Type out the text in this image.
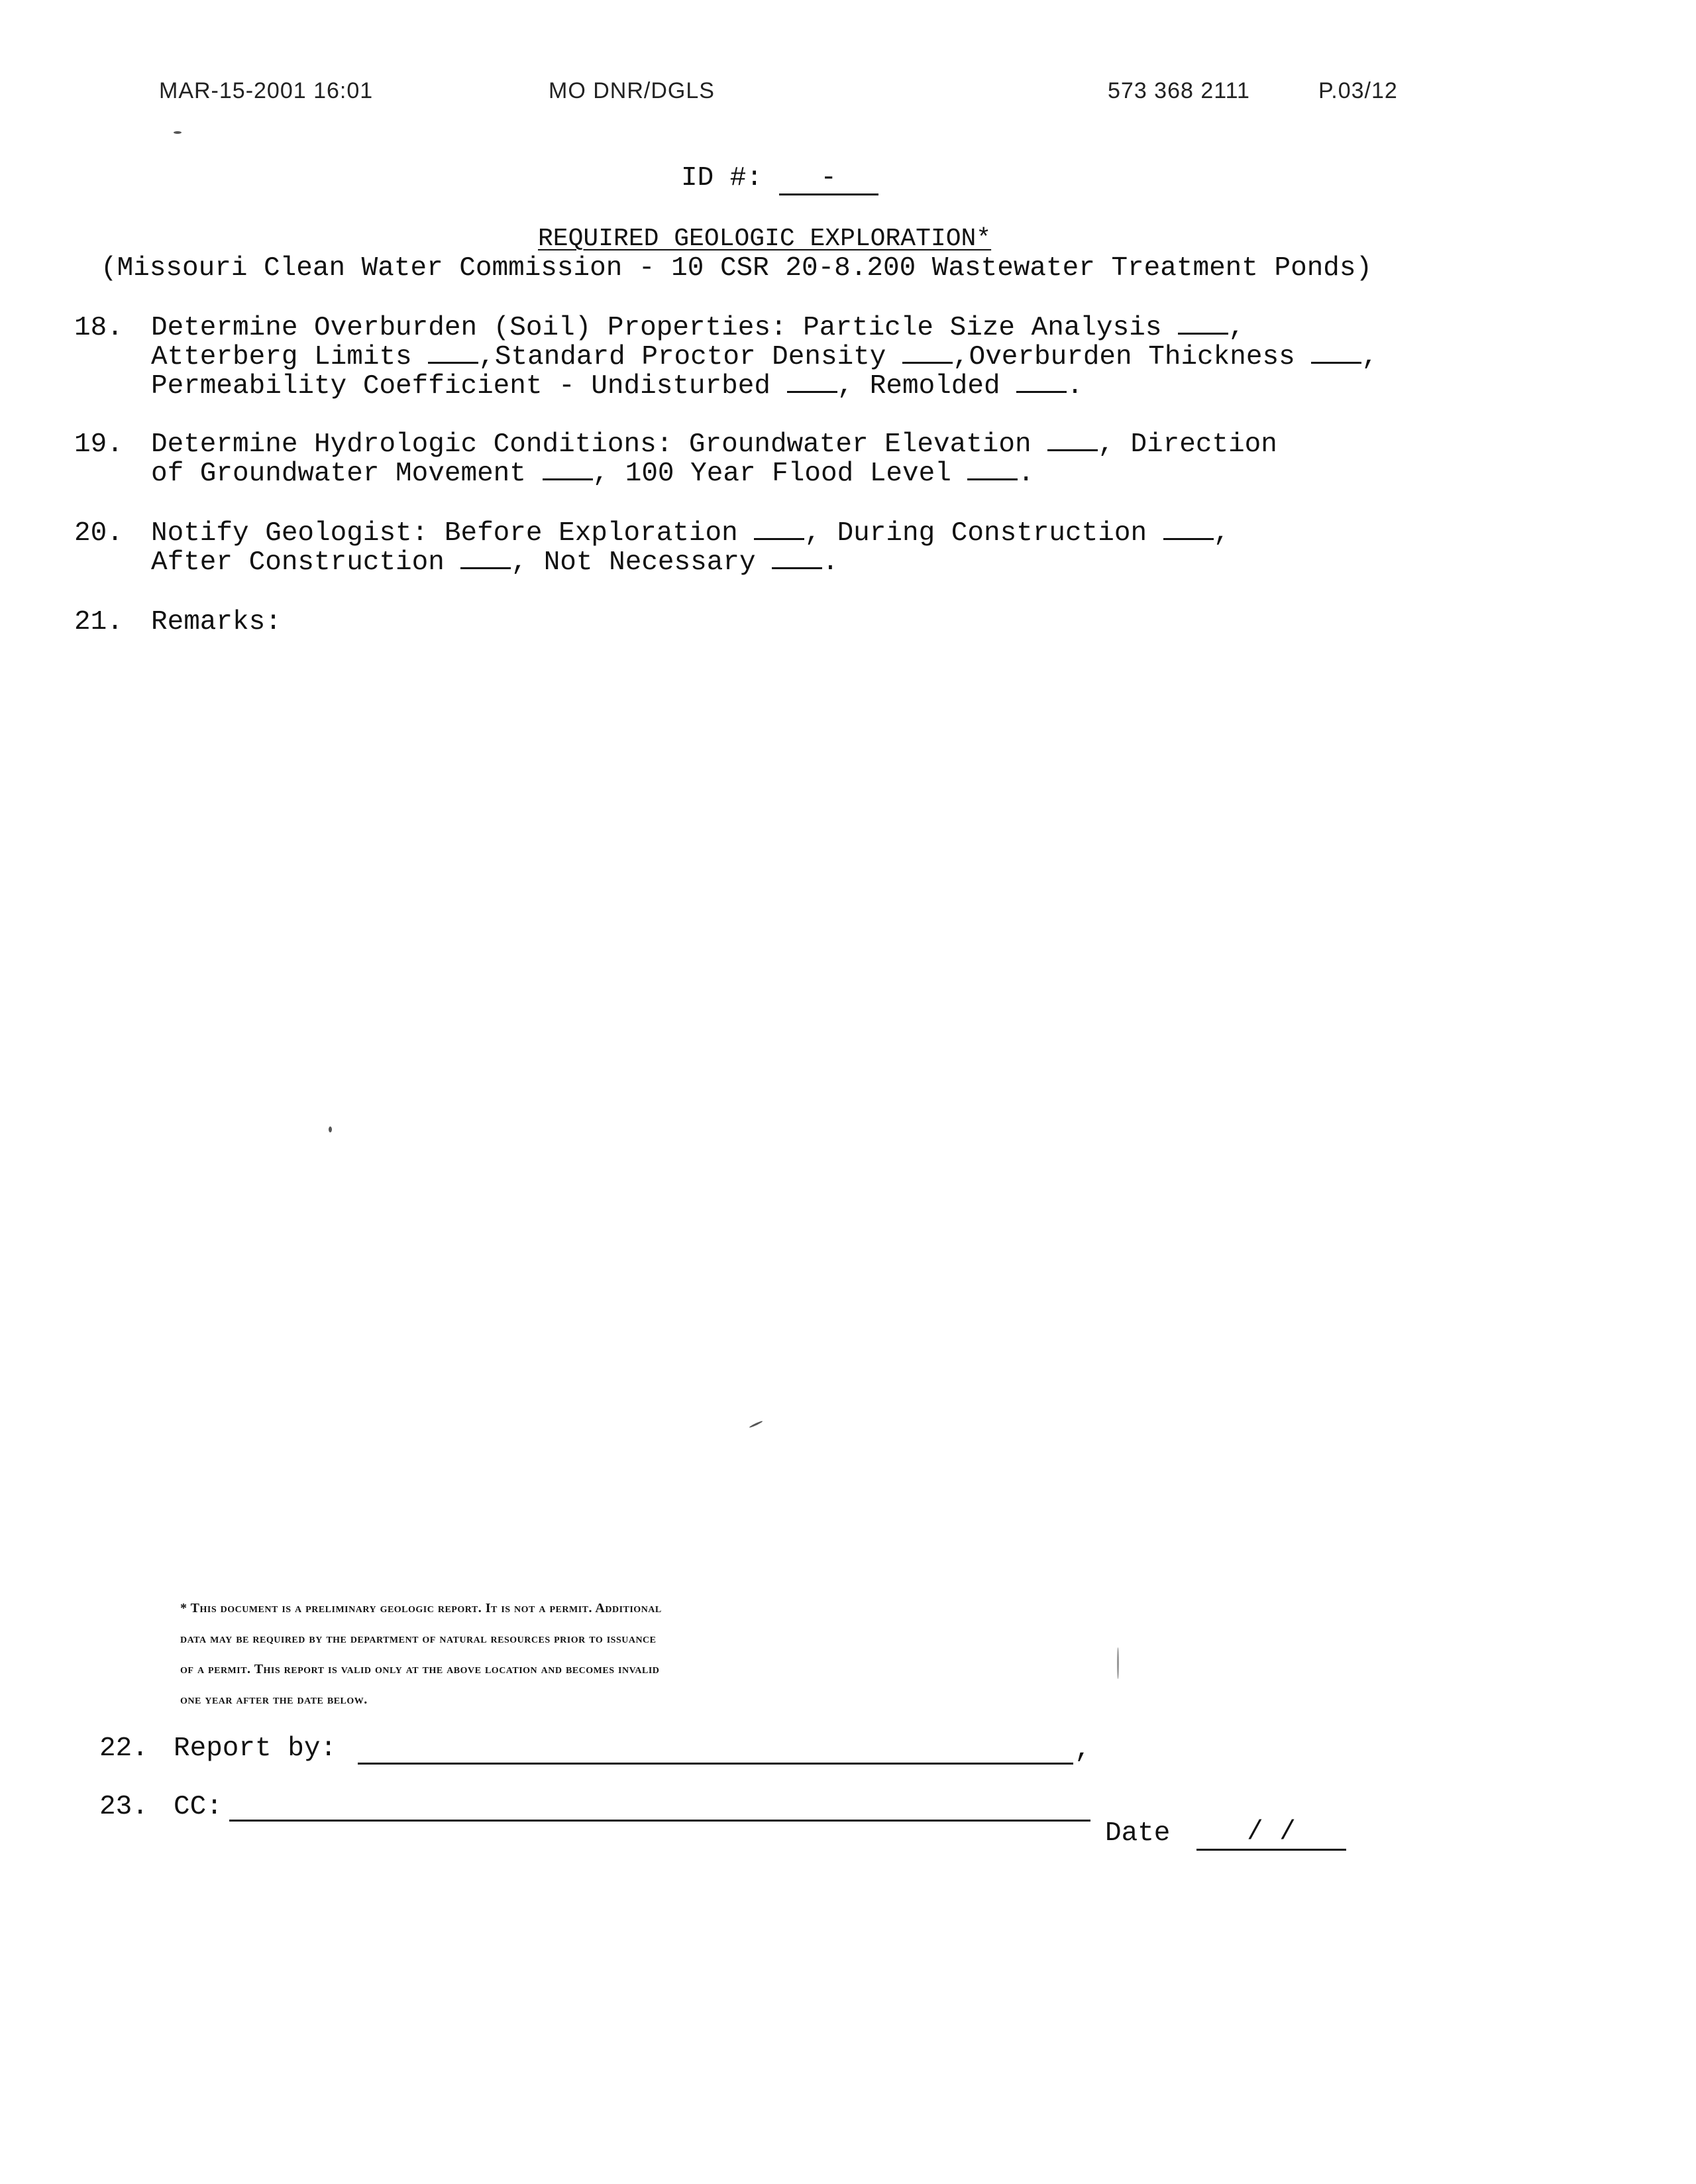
MAR-15-2001 16:01	MO DNR/DGLS	573 368 2111	P.03/12
ID #: -
REQUIRED GEOLOGIC EXPLORATION*
(Missouri Clean Water Commission - 10 CSR 20-8.200 Wastewater Treatment Ponds)
18. Determine Overburden (Soil) Properties: Particle Size Analysis ,
Atterberg Limits ,Standard Proctor Density ,Overburden Thickness ,
Permeability Coefficient - Undisturbed , Remolded .
19. Determine Hydrologic Conditions: Groundwater Elevation , Direction
of Groundwater Movement , 100 Year Flood Level .
20. Notify Geologist: Before Exploration , During Construction ,
After Construction , Not Necessary .
21. Remarks:
* This document is a preliminary geologic report. It is not a permit. Additional
data may be required by the department of natural resources prior to issuance
of a permit. This report is valid only at the above location and becomes invalid
one year after the date below.
22. Report by:	,
23. CC:
Date	/ /
